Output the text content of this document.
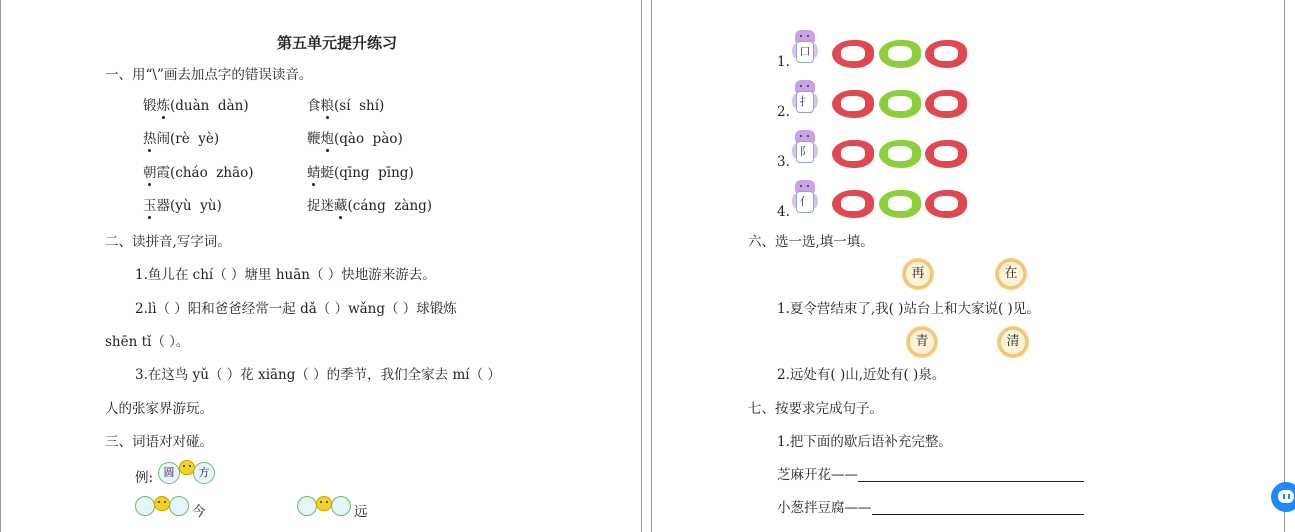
第五单元提升练习
一、用“\”画去加点字的错误读音。
锻炼(duàn  dàn)	食粮(sí  shí)
热闹(rè  yè)	鞭炮(qào  pào)
朝霞(cháo  zhāo)	蜻蜓(qīng  pīng)
玉器(yù  yù)	捉迷藏(cáng  zàng)
二、读拼音,写字词。
1.鱼儿在 chí（ ）塘里 huān（ ）快地游来游去。
2.lì（ ）阳和爸爸经常一起 dǎ（ ）wǎng（ ）球锻炼
shēn tǐ（ ）。
3.在这鸟 yǔ（ ）花 xiāng（ ）的季节，我们全家去 mí（ ）
人的张家界游玩。
三、词语对对碰。
例: 圆	方
今	远
1.
口
2.
扌
3.
阝
4.
亻
六、选一选,填一填。
再	在
1.夏令营结束了,我( )站台上和大家说( )见。
青	清
2.远处有( )山,近处有( )泉。
七、按要求完成句子。
1.把下面的歇后语补充完整。
芝麻开花——
小葱拌豆腐——
